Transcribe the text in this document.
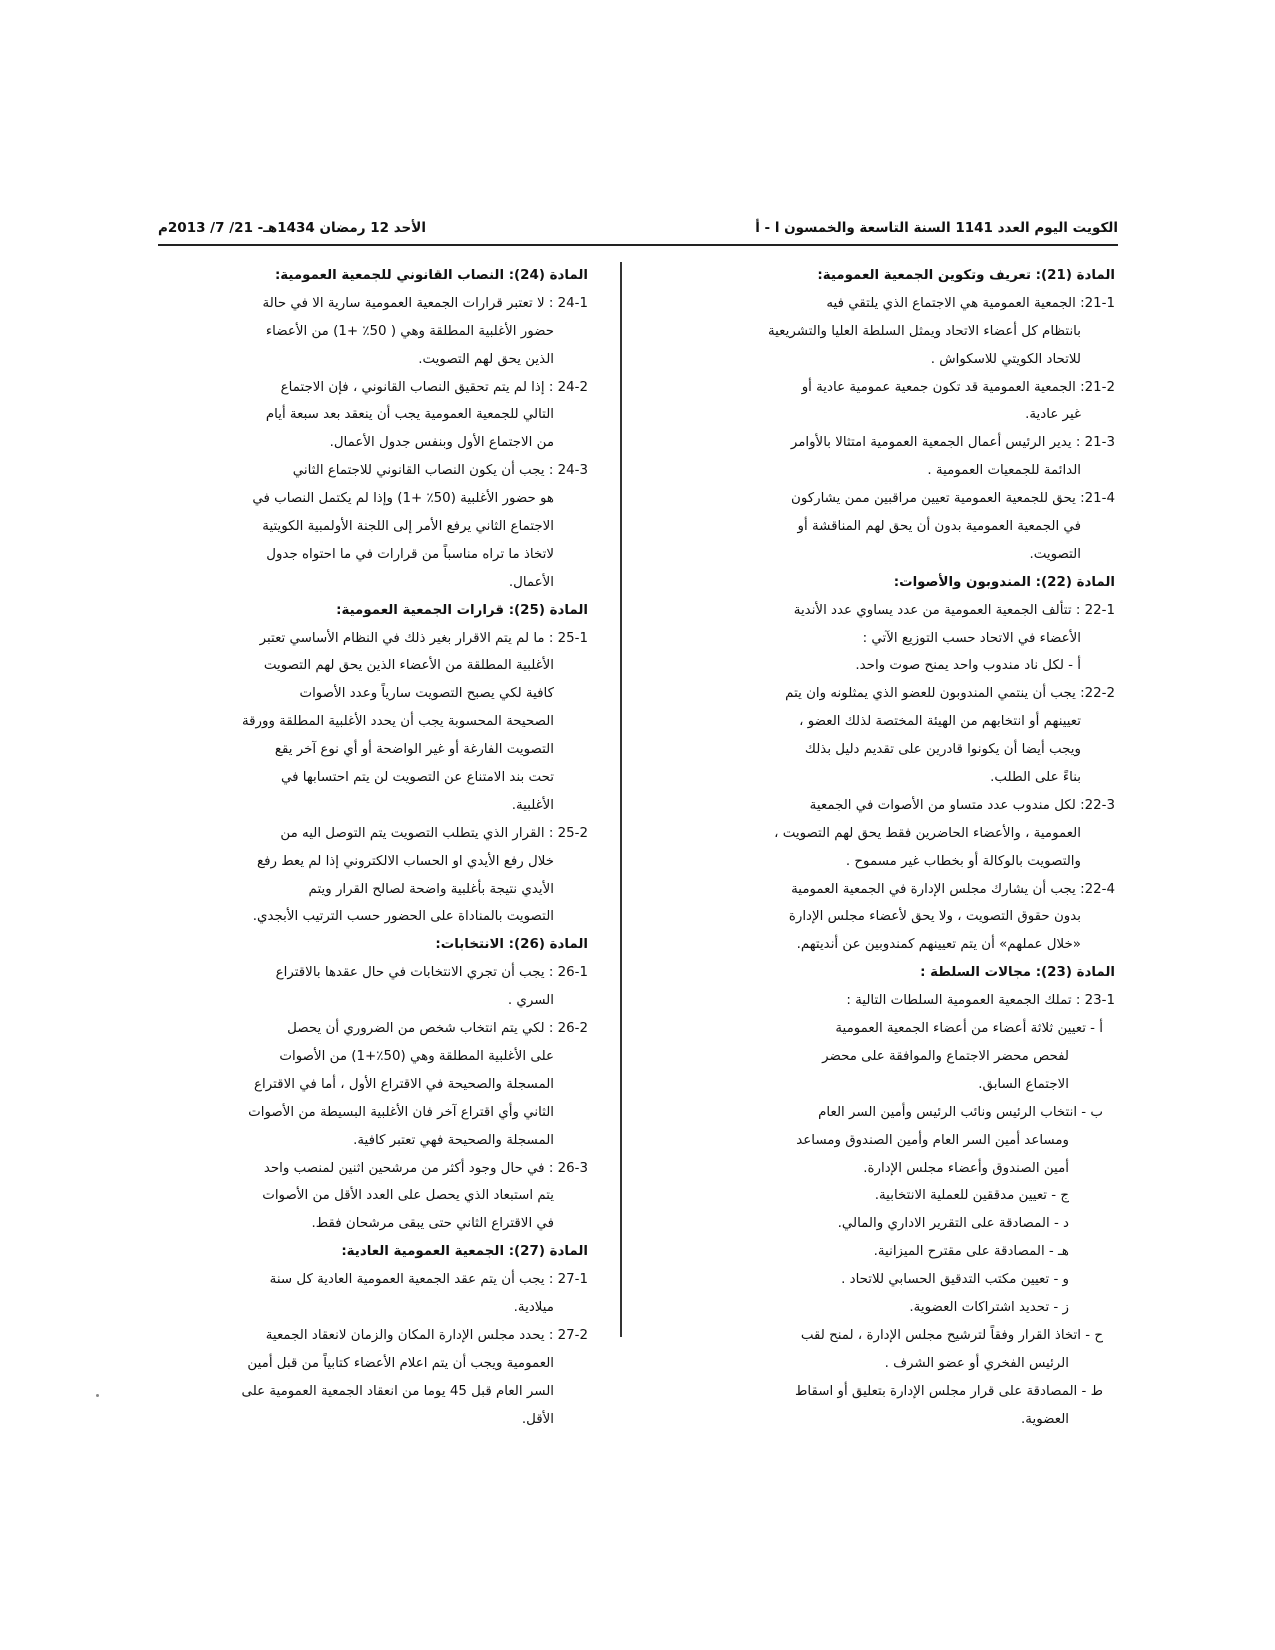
الكويت اليوم العدد 1141 السنة التاسعة والخمسون ا - أ
الأحد 12 رمضان 1434هـ- 21/ 7/ 2013م
المادة (21): تعريف وتكوين الجمعية العمومية:
21-1: الجمعية العمومية هي الاجتماع الذي يلتقي فيه
بانتظام كل أعضاء الاتحاد ويمثل السلطة العليا والتشريعية
للاتحاد الكويتي للاسكواش .
21-2: الجمعية العمومية قد تكون جمعية عمومية عادية أو
غير عادية.
21-3 : يدير الرئيس أعمال الجمعية العمومية امتثالا بالأوامر
الدائمة للجمعيات العمومية .
21-4: يحق للجمعية العمومية تعيين مراقبين ممن يشاركون
في الجمعية العمومية بدون أن يحق لهم المناقشة أو
التصويت.
المادة (22): المندوبون والأصوات:
22-1 : تتألف الجمعية العمومية من عدد يساوي عدد الأندية
الأعضاء في الاتحاد حسب التوزيع الآتي :
أ - لكل ناد مندوب واحد يمنح صوت واحد.
22-2: يجب أن ينتمي المندوبون للعضو الذي يمثلونه وان يتم
تعيينهم أو انتخابهم من الهيئة المختصة لذلك العضو ،
ويجب أيضا أن يكونوا قادرين على تقديم دليل بذلك
بناءً على الطلب.
22-3: لكل مندوب عدد متساو من الأصوات في الجمعية
العمومية ، والأعضاء الحاضرين فقط يحق لهم التصويت ،
والتصويت بالوكالة أو بخطاب غير مسموح .
22-4: يجب أن يشارك مجلس الإدارة في الجمعية العمومية
بدون حقوق التصويت ، ولا يحق لأعضاء مجلس الإدارة
«خلال عملهم» أن يتم تعيينهم كمندوبين عن أنديتهم.
المادة (23): مجالات السلطة :
23-1 : تملك الجمعية العمومية السلطات التالية :
أ - تعيين ثلاثة أعضاء من أعضاء الجمعية العمومية
لفحص محضر الاجتماع والموافقة على محضر
الاجتماع السابق.
ب - انتخاب الرئيس ونائب الرئيس وأمين السر العام
ومساعد أمين السر العام وأمين الصندوق ومساعد
أمين الصندوق وأعضاء مجلس الإدارة.
ج - تعيين مدققين للعملية الانتخابية.
د - المصادقة على التقرير الاداري والمالي.
هـ - المصادقة على مقترح الميزانية.
و - تعيين مكتب التدقيق الحسابي للاتحاد .
ز - تحديد اشتراكات العضوية.
ح - اتخاذ القرار وفقاً لترشيح مجلس الإدارة ، لمنح لقب
الرئيس الفخري أو عضو الشرف .
ط - المصادقة على قرار مجلس الإدارة بتعليق أو اسقاط
العضوية.
المادة (24): النصاب القانوني للجمعية العمومية:
24-1 : لا تعتبر قرارات الجمعية العمومية سارية الا في حالة
حضور الأغلبية المطلقة وهي ( 50٪ +1) من الأعضاء
الذين يحق لهم التصويت.
24-2 : إذا لم يتم تحقيق النصاب القانوني ، فإن الاجتماع
التالي للجمعية العمومية يجب أن ينعقد بعد سبعة أيام
من الاجتماع الأول وبنفس جدول الأعمال.
24-3 : يجب أن يكون النصاب القانوني للاجتماع الثاني
هو حضور الأغلبية (50٪ +1) وإذا لم يكتمل النصاب في
الاجتماع الثاني يرفع الأمر إلى اللجنة الأولمبية الكويتية
لاتخاذ ما تراه مناسباً من قرارات في ما احتواه جدول
الأعمال.
المادة (25): قرارات الجمعية العمومية:
25-1 : ما لم يتم الاقرار بغير ذلك في النظام الأساسي تعتبر
الأغلبية المطلقة من الأعضاء الذين يحق لهم التصويت
كافية لكي يصبح التصويت سارياً وعدد الأصوات
الصحيحة المحسوبة يجب أن يحدد الأغلبية المطلقة وورقة
التصويت الفارغة أو غير الواضحة أو أي نوع آخر يقع
تحت بند الامتناع عن التصويت لن يتم احتسابها في
الأغلبية.
25-2 : القرار الذي يتطلب التصويت يتم التوصل اليه من
خلال رفع الأيدي او الحساب الالكتروني إذا لم يعط رفع
الأيدي نتيجة بأغلبية واضحة لصالح القرار ويتم
التصويت بالمناداة على الحضور حسب الترتيب الأبجدي.
المادة (26): الانتخابات:
26-1 : يجب أن تجري الانتخابات في حال عقدها بالاقتراع
السري .
26-2 : لكي يتم انتخاب شخص من الضروري أن يحصل
على الأغلبية المطلقة وهي (50٪+1) من الأصوات
المسجلة والصحيحة في الاقتراع الأول ، أما في الاقتراع
الثاني وأي اقتراع آخر فان الأغلبية البسيطة من الأصوات
المسجلة والصحيحة فهي تعتبر كافية.
26-3 : في حال وجود أكثر من مرشحين اثنين لمنصب واحد
يتم استبعاد الذي يحصل على العدد الأقل من الأصوات
في الاقتراع الثاني حتى يبقى مرشحان فقط.
المادة (27): الجمعية العمومية العادية:
27-1 : يجب أن يتم عقد الجمعية العمومية العادية كل سنة
ميلادية.
27-2 : يحدد مجلس الإدارة المكان والزمان لانعقاد الجمعية
العمومية ويجب أن يتم اعلام الأعضاء كتابياً من قبل أمين
السر العام قبل 45 يوما من انعقاد الجمعية العمومية على
الأقل.
